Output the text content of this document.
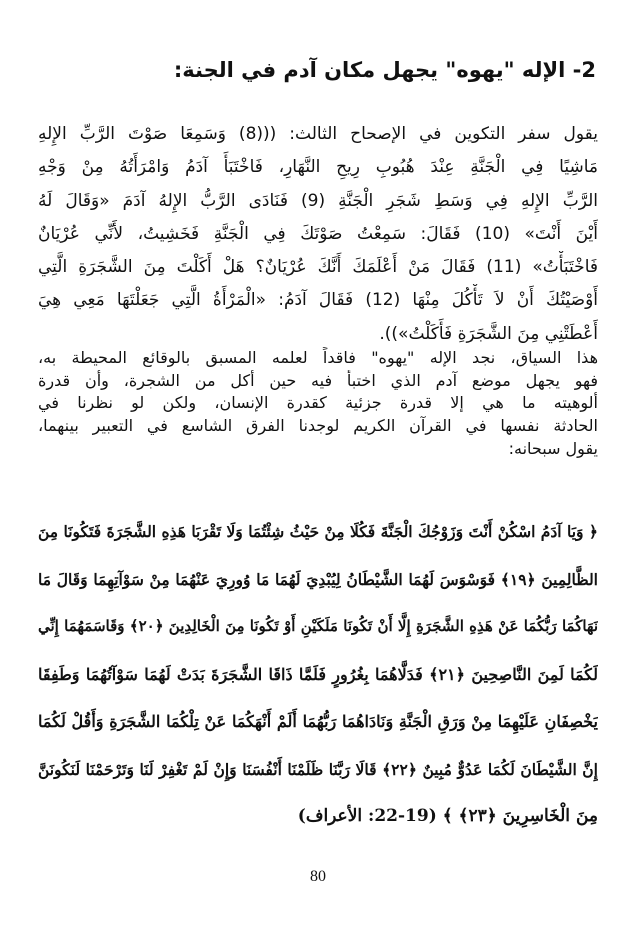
2- الإله "يهوه" يجهل مكان آدم في الجنة:
يقول سفر التكوين في الإصحاح الثالث: (((8) وَسَمِعَا صَوْتَ الرَّبِّ الإِلهِ
مَاشِيًا فِي الْجَنَّةِ عِنْدَ هُبُوبِ رِيحِ النَّهَارِ، فَاخْتَبَأَ آدَمُ وَامْرَأَتُهُ مِنْ وَجْهِ
الرَّبِّ الإِلهِ فِي وَسَطِ شَجَرِ الْجَنَّةِ (9) فَنَادَى الرَّبُّ الإِلهُ آدَمَ «وَقَالَ لَهُ
أَيْنَ أَنْتَ» (10) فَقَالَ: سَمِعْتُ صَوْتَكَ فِي الْجَنَّةِ فَخَشِيتُ، لأَنِّي عُرْيَانٌ
فَاخْتَبَأْتُ» (11) فَقَالَ مَنْ أَعْلَمَكَ أَنَّكَ عُرْيَانٌ؟ هَلْ أَكَلْتَ مِنَ الشَّجَرَةِ الَّتِي
أَوْصَيْتُكَ أَنْ لاَ تَأْكُلَ مِنْهَا (12) فَقَالَ آدَمُ: «الْمَرْأَةُ الَّتِي جَعَلْتَهَا مَعِي هِيَ
أَعْطَتْنِي مِنَ الشَّجَرَةِ فَأَكَلْتُ»)).
هذا السياق، نجد الإله "يهوه" فاقداً لعلمه المسبق بالوقائع المحيطة به،
فهو يجهل موضع آدم الذي اختبأ فيه حين أكل من الشجرة، وأن قدرة
ألوهيته ما هي إلا قدرة جزئية كقدرة الإنسان، ولكن لو نظرنا في
الحادثة نفسها في القرآن الكريم لوجدنا الفرق الشاسع في التعبير بينهما،
يقول سبحانه:
﴿ وَيَا آدَمُ اسْكُنْ أَنْتَ وَزَوْجُكَ الْجَنَّةَ فَكُلَا مِنْ حَيْثُ شِئْتُمَا وَلَا تَقْرَبَا هَذِهِ الشَّجَرَةَ فَتَكُونَا مِنَ
الظَّالِمِينَ ﴿١٩﴾ فَوَسْوَسَ لَهُمَا الشَّيْطَانُ لِيُبْدِيَ لَهُمَا مَا وُورِيَ عَنْهُمَا مِنْ سَوْآتِهِمَا وَقَالَ مَا
نَهَاكُمَا رَبُّكُمَا عَنْ هَذِهِ الشَّجَرَةِ إِلَّا أَنْ تَكُونَا مَلَكَيْنِ أَوْ تَكُونَا مِنَ الْخَالِدِينَ ﴿٢٠﴾ وَقَاسَمَهُمَا إِنِّي
لَكُمَا لَمِنَ النَّاصِحِينَ ﴿٢١﴾ فَدَلَّاهُمَا بِغُرُورٍ فَلَمَّا ذَاقَا الشَّجَرَةَ بَدَتْ لَهُمَا سَوْآتُهُمَا وَطَفِقَا
يَخْصِفَانِ عَلَيْهِمَا مِنْ وَرَقِ الْجَنَّةِ وَنَادَاهُمَا رَبُّهُمَا أَلَمْ أَنْهَكُمَا عَنْ تِلْكُمَا الشَّجَرَةِ وَأَقُلْ لَكُمَا
إِنَّ الشَّيْطَانَ لَكُمَا عَدُوٌّ مُبِينٌ ﴿٢٢﴾ قَالَا رَبَّنَا ظَلَمْنَا أَنْفُسَنَا وَإِنْ لَمْ تَغْفِرْ لَنَا وَتَرْحَمْنَا لَنَكُونَنَّ
مِنَ الْخَاسِرِينَ ﴿٢٣﴾ ﴾ (19-22: الأعراف)
80
